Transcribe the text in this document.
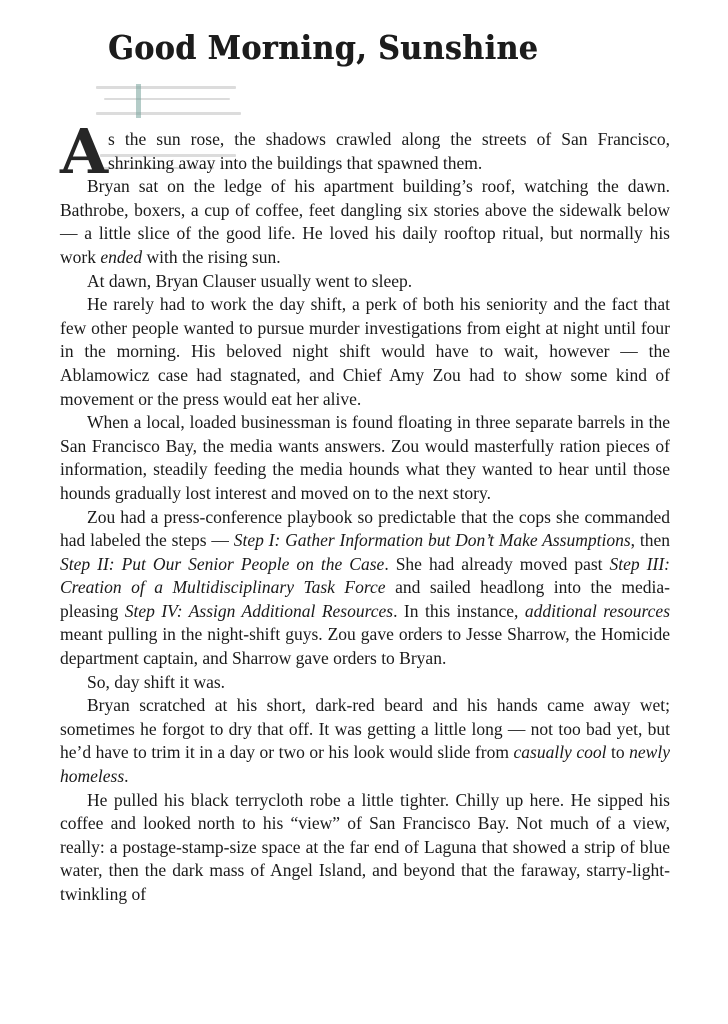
Good Morning, Sunshine

As the sun rose, the shadows crawled along the streets of San Francisco, shrinking away into the buildings that spawned them.

Bryan sat on the ledge of his apartment building’s roof, watching the dawn. Bathrobe, boxers, a cup of coffee, feet dangling six stories above the sidewalk below — a little slice of the good life. He loved his daily rooftop ritual, but normally his work ended with the rising sun.

At dawn, Bryan Clauser usually went to sleep.

He rarely had to work the day shift, a perk of both his seniority and the fact that few other people wanted to pursue murder investigations from eight at night until four in the morning. His beloved night shift would have to wait, however — the Ablamowicz case had stagnated, and Chief Amy Zou had to show some kind of movement or the press would eat her alive.

When a local, loaded businessman is found floating in three separate barrels in the San Francisco Bay, the media wants answers. Zou would masterfully ration pieces of information, steadily feeding the media hounds what they wanted to hear until those hounds gradually lost interest and moved on to the next story.

Zou had a press-conference playbook so predictable that the cops she commanded had labeled the steps — Step I: Gather Information but Don’t Make Assumptions, then Step II: Put Our Senior People on the Case. She had already moved past Step III: Creation of a Multidisciplinary Task Force and sailed headlong into the media-pleasing Step IV: Assign Additional Resources. In this instance, additional resources meant pulling in the night-shift guys. Zou gave orders to Jesse Sharrow, the Homicide department captain, and Sharrow gave orders to Bryan.

So, day shift it was.

Bryan scratched at his short, dark-red beard and his hands came away wet; sometimes he forgot to dry that off. It was getting a little long — not too bad yet, but he’d have to trim it in a day or two or his look would slide from casually cool to newly homeless.

He pulled his black terrycloth robe a little tighter. Chilly up here. He sipped his coffee and looked north to his “view” of San Francisco Bay. Not much of a view, really: a postage-stamp-size space at the far end of Laguna that showed a strip of blue water, then the dark mass of Angel Island, and beyond that the faraway, starry-light-twinkling of
